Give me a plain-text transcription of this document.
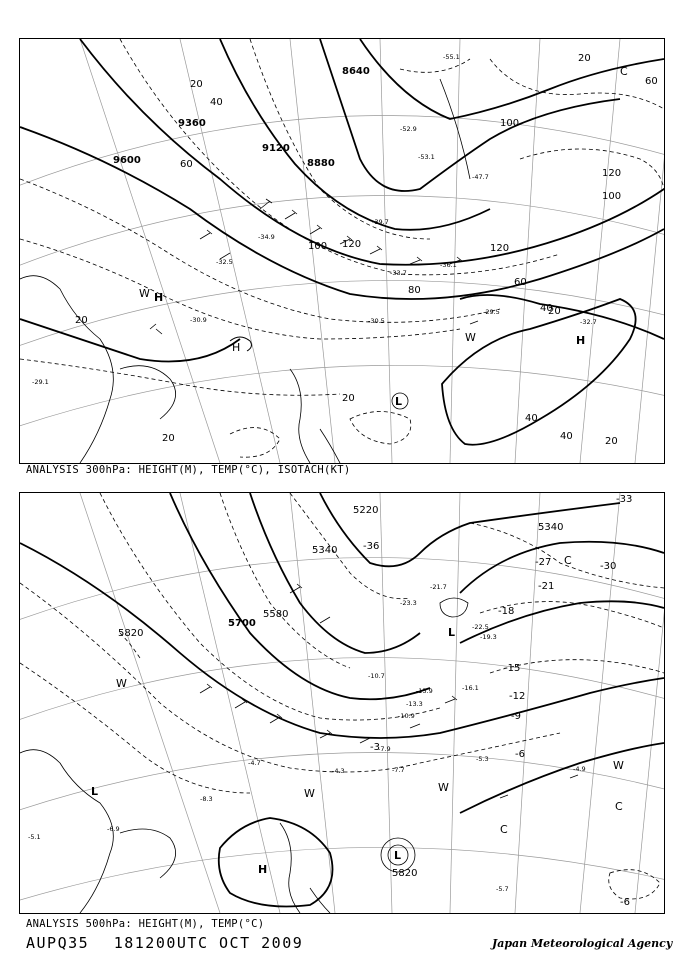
9600
9360
9120
8880
8640
20
40
60
80
100 120
100
120
100
120
60
40
20
40
40	20
20
20
20
20
60
-29.1
-30.9
-32.5
-34.9
-36.1
-39.7
-47.7
-52.9
-53.1
-55.1
-29.5
-30.5
-33.7
-32.7
H
W
H
H
W
L
C
ANALYSIS 300hPa: HEIGHT(M), TEMP(°C), ISOTACH(KT)
5820
5700
5580
5340
5220
5340
5820
-33
-36
-30
-27
-21
-18
-15
-12
-9
-6
-3
-6
-23.3
-21.7
-22.5
-19.3
-16.1
-15.9
-13.3
-10.9
-10.7
-7.9
-7.7
-4.3
-4.7
-4.9
-5.3
-5.7
-8.3
-6.9
-5.1
W
W	W
W
L
L
L
H
C
C
C
ANALYSIS 500hPa: HEIGHT(M), TEMP(°C)
AUPQ35 181200UTC OCT 2009	Japan Meteorological Agency
